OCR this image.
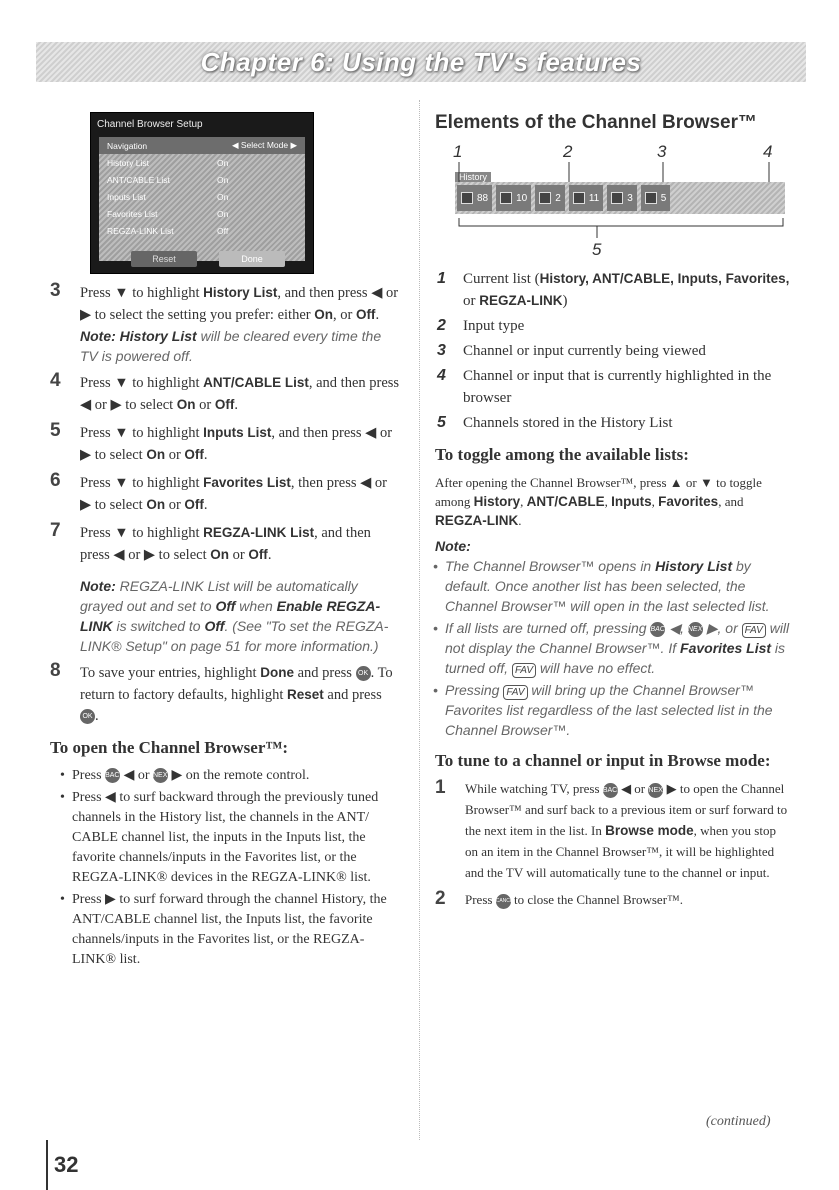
Chapter 6: Using the TV's features
Channel Browser Setup
Navigation	◀ Select Mode ▶
History List	On
ANT/CABLE List	On
Inputs List	On
Favorites List	On
REGZA-LINK List	Off
Reset	Done
3 Press ▼ to highlight History List, and then press ◀ or ▶ to select the setting you prefer: either On, or Off.
Note: History List will be cleared every time the TV is powered off.
4 Press ▼ to highlight ANT/CABLE List, and then press ◀ or ▶ to select On or Off.
5 Press ▼ to highlight Inputs List, and then press ◀ or ▶ to select On or Off.
6 Press ▼ to highlight Favorites List, then press ◀ or ▶ to select On or Off.
7 Press ▼ to highlight REGZA-LINK List, and then press ◀ or ▶ to select On or Off.
Note: REGZA-LINK List will be automatically grayed out and set to Off when Enable REGZA-LINK is switched to Off. (See "To set the REGZA-LINK® Setup" on page 51 for more information.)
8 To save your entries, highlight Done and press OK . To return to factory defaults, highlight Reset and press OK .
To open the Channel Browser™:
• Press BACK ◀ or NEXT ▶ on the remote control.
• Press ◀ to surf backward through the previously tuned channels in the History list, the channels in the ANT/ CABLE channel list, the inputs in the Inputs list, the favorite channels/inputs in the Favorites list, or the REGZA-LINK® devices in the REGZA-LINK® list.
• Press ▶ to surf forward through the channel History, the ANT/CABLE channel list, the Inputs list, the favorite channels/inputs in the Favorites list, or the REGZA-LINK® list.
Elements of the Channel Browser™
1	2	3	4
History
88	10	2	11	3	5
5
1 Current list (History, ANT/CABLE, Inputs, Favorites, or REGZA-LINK)
2 Input type
3 Channel or input currently being viewed
4 Channel or input that is currently highlighted in the browser
5 Channels stored in the History List
To toggle among the available lists:
After opening the Channel Browser™, press ▲ or ▼ to toggle among History, ANT/CABLE, Inputs, Favorites, and REGZA-LINK.
Note:
• The Channel Browser™ opens in History List by default. Once another list has been selected, the Channel Browser™ will open in the last selected list.
• If all lists are turned off, pressing BACK ◀, NEXT ▶, or FAV will not display the Channel Browser™. If Favorites List is turned off, FAV will have no effect.
• Pressing FAV will bring up the Channel Browser™ Favorites list regardless of the last selected list in the Channel Browser™.
To tune to a channel or input in Browse mode:
1 While watching TV, press BACK ◀ or NEXT ▶ to open the Channel Browser™ and surf back to a previous item or surf forward to the next item in the list. In Browse mode, when you stop on an item in the Channel Browser™, it will be highlighted and the TV will automatically tune to the channel or input.
2 Press CANCEL to close the Channel Browser™.
(continued)
32
